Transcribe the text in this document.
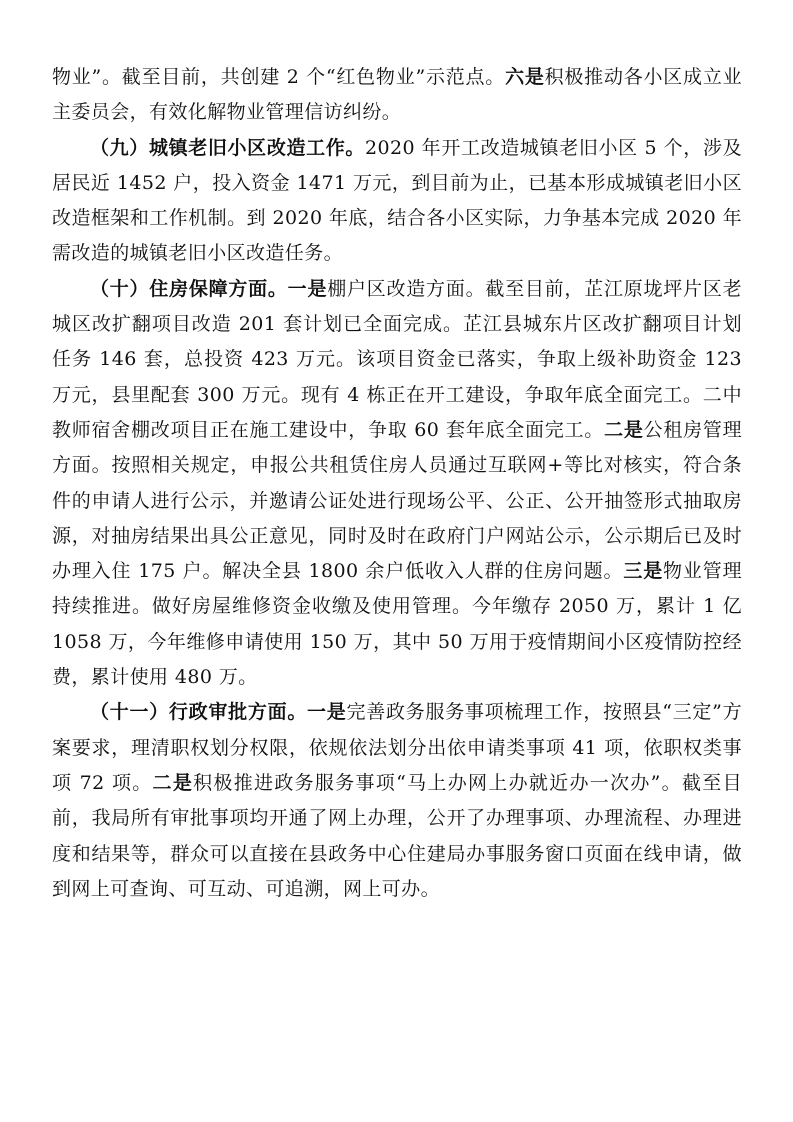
物业”。截至目前，共创建 2 个“红色物业”示范点。六是积极推动各小区成立业主委员会，有效化解物业管理信访纠纷。

（九）城镇老旧小区改造工作。2020 年开工改造城镇老旧小区 5 个，涉及居民近 1452 户，投入资金 1471 万元，到目前为止，已基本形成城镇老旧小区改造框架和工作机制。到 2020 年底，结合各小区实际，力争基本完成 2020 年需改造的城镇老旧小区改造任务。

（十）住房保障方面。一是棚户区改造方面。截至目前，芷江原垅坪片区老城区改扩翻项目改造 201 套计划已全面完成。芷江县城东片区改扩翻项目计划任务 146 套，总投资 423 万元。该项目资金已落实，争取上级补助资金 123 万元，县里配套 300 万元。现有 4 栋正在开工建设，争取年底全面完工。二中教师宿舍棚改项目正在施工建设中，争取 60 套年底全面完工。二是公租房管理方面。按照相关规定，申报公共租赁住房人员通过互联网+等比对核实，符合条件的申请人进行公示，并邀请公证处进行现场公平、公正、公开抽签形式抽取房源，对抽房结果出具公正意见，同时及时在政府门户网站公示，公示期后已及时办理入住 175 户。解决全县 1800 余户低收入人群的住房问题。三是物业管理持续推进。做好房屋维修资金收缴及使用管理。今年缴存 2050 万，累计 1 亿 1058 万，今年维修申请使用 150 万，其中 50 万用于疫情期间小区疫情防控经费，累计使用 480 万。

（十一）行政审批方面。一是完善政务服务事项梳理工作，按照县“三定”方案要求，理清职权划分权限，依规依法划分出依申请类事项 41 项，依职权类事项 72 项。二是积极推进政务服务事项“马上办网上办就近办一次办”。截至目前，我局所有审批事项均开通了网上办理，公开了办理事项、办理流程、办理进度和结果等，群众可以直接在县政务中心住建局办事服务窗口页面在线申请，做到网上可查询、可互动、可追溯，网上可办。
